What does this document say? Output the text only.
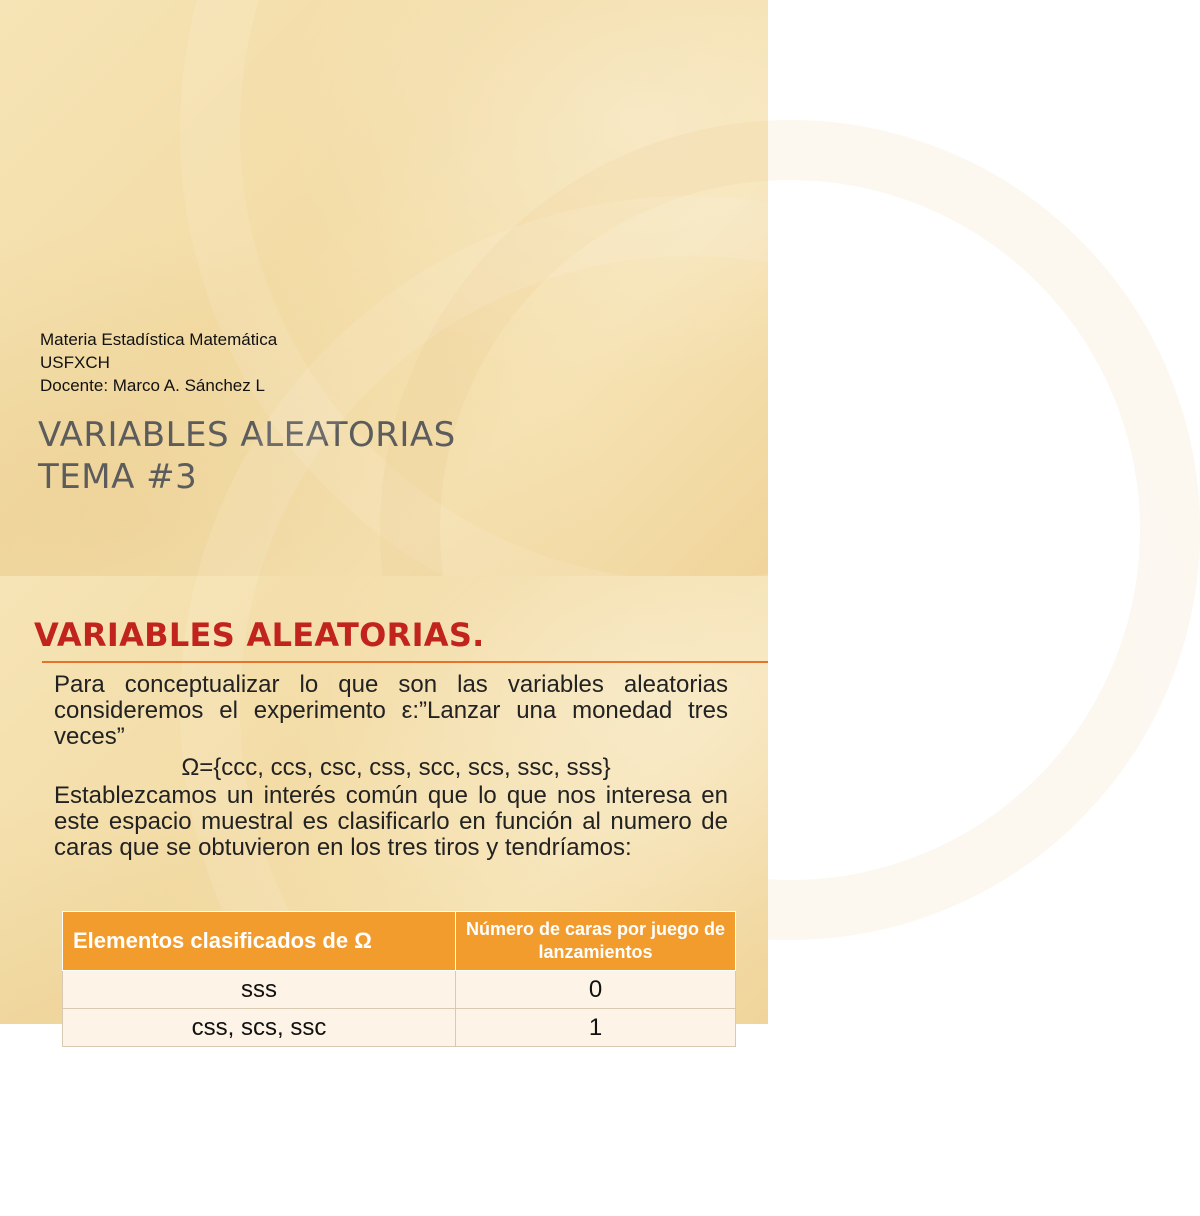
Materia Estadística Matemática
USFXCH
Docente: Marco A. Sánchez L
VARIABLES ALEATORIAS
TEMA #3
VARIABLES ALEATORIAS.

Para conceptualizar lo que son las variables aleatorias consideremos el experimento ε:”Lanzar una monedad tres veces”

Ω={ccc, ccs, csc, css, scc, scs, ssc, sss}

Establezcamos un interés común que lo que nos interesa en este espacio muestral es clasificarlo en función al numero de caras que se obtuvieron en los tres tiros y tendríamos:

Elementos clasificados de Ω	Número de caras por juego de lanzamientos
sss	0
css, scs, ssc	1
